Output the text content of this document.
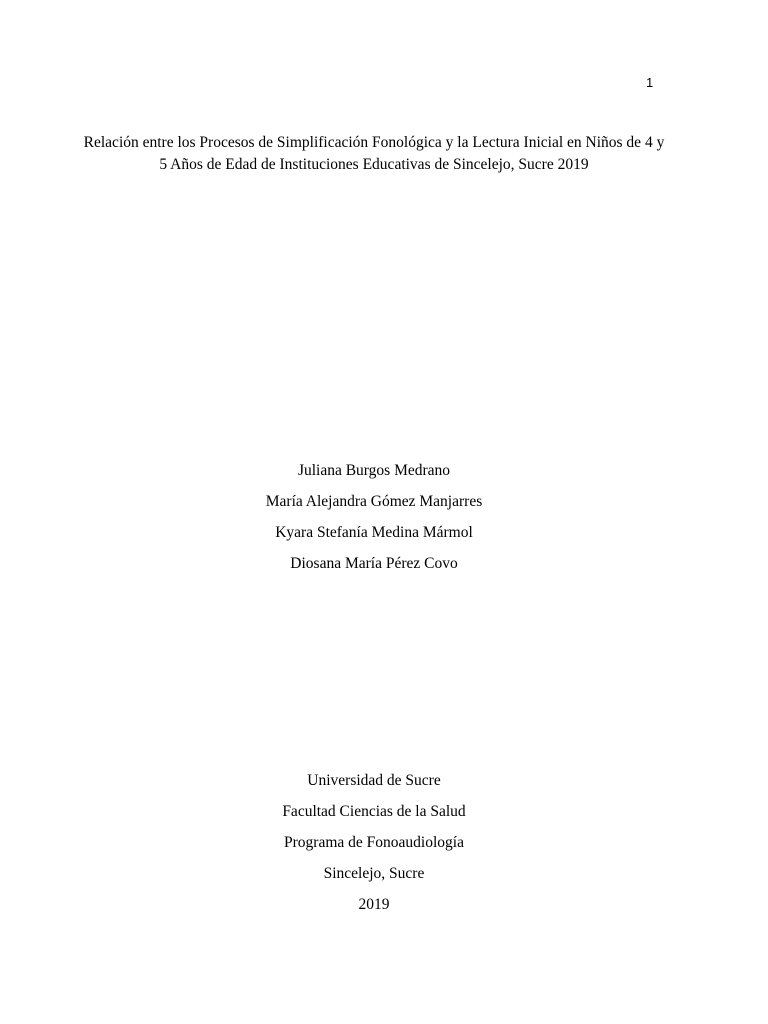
1
Relación entre los Procesos de Simplificación Fonológica y la Lectura Inicial en Niños de 4 y
5 Años de Edad de Instituciones Educativas de Sincelejo, Sucre 2019
Juliana Burgos Medrano
María Alejandra Gómez Manjarres
Kyara Stefanía Medina Mármol
Diosana María Pérez Covo
Universidad de Sucre
Facultad Ciencias de la Salud
Programa de Fonoaudiología
Sincelejo, Sucre
2019
